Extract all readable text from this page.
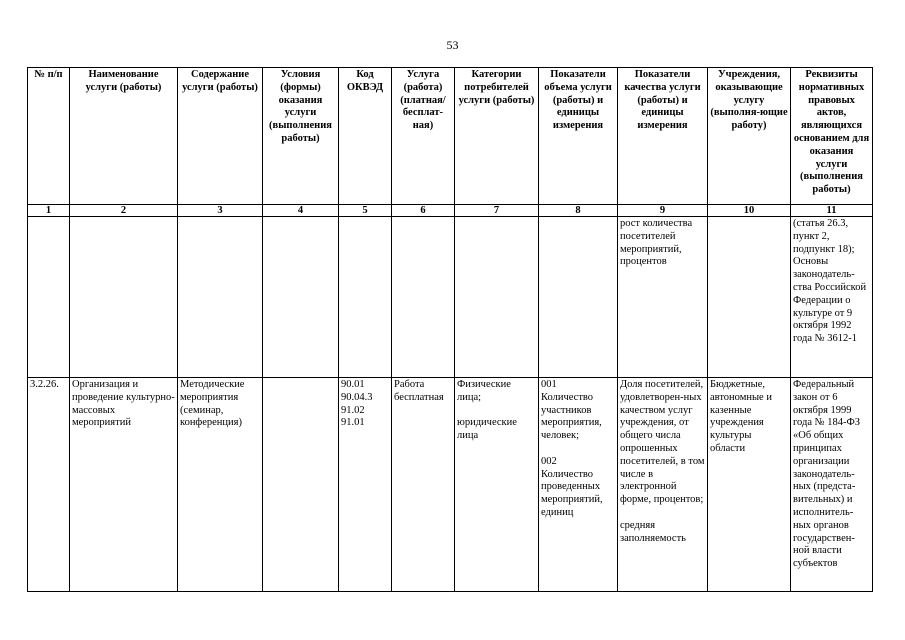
53
№ п/п	Наименование услуги (работы)	Содержание услуги (работы)	Условия (формы) оказания услуги (выполнения работы)	Код ОКВЭД	Услуга (работа) (платная/ бесплат-ная)	Категории потребителей услуги (работы)	Показатели объема услуги (работы) и единицы измерения	Показатели качества услуги (работы) и единицы измерения	Учреждения, оказывающие услугу (выполня-ющие работу)	Реквизиты нормативных правовых актов, являющихся основанием для оказания услуги (выполнения работы)
1	2	3	4	5	6	7	8	9	10	11
								рост количества посетителей мероприятий, процентов		(статья 26.3, пункт 2, подпункт 18); Основы законодатель-ства Российской Федерации о культуре от 9 октября 1992 года № 3612-1
3.2.26.	Организация и проведение культурно-массовых мероприятий	Методические мероприятия (семинар, конференция)		90.01
90.04.3
91.02
91.01	Работа бесплатная	Физические лица;

юридические лица	001
Количество участников мероприятия, человек;

002
Количество проведенных мероприятий, единиц	Доля посетителей, удовлетворен-ных качеством услуг учреждения, от общего числа опрошенных посетителей, в том числе в электронной форме, процентов;

средняя заполняемость	Бюджетные, автономные и казенные учреждения культуры области	Федеральный закон от 6 октября 1999 года № 184-ФЗ «Об общих принципах организации законодатель-ных (предста-вительных) и исполнитель-ных органов государствен-ной власти субъектов
